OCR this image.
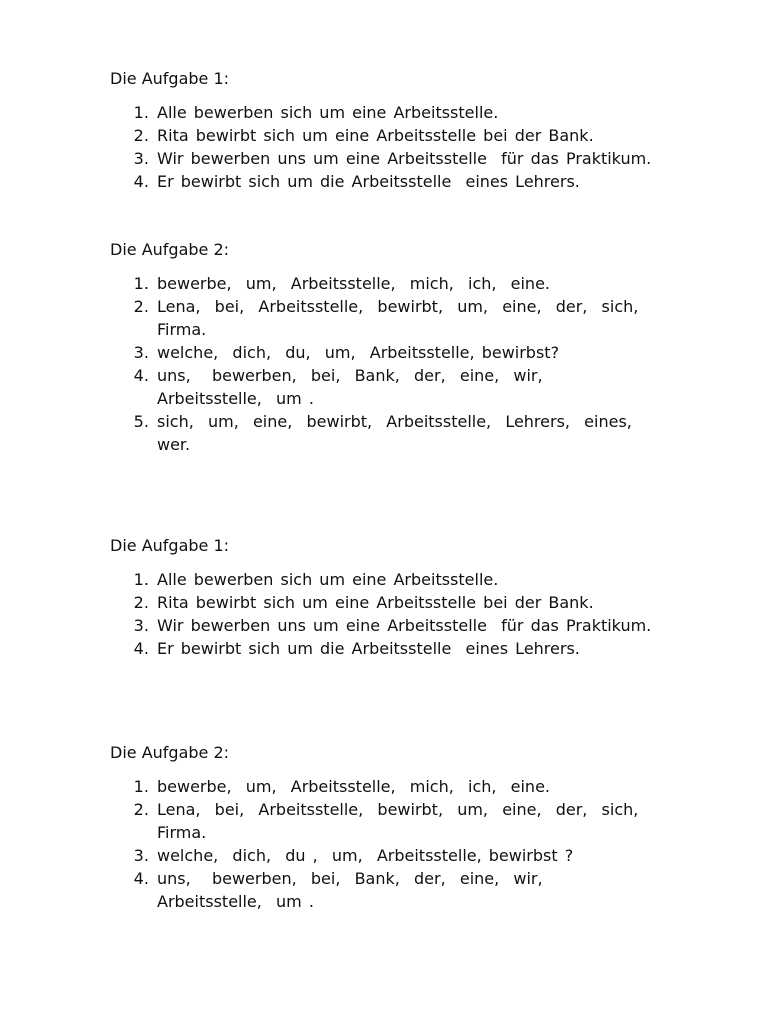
Die Aufgabe 1:

1. Alle bewerben sich um eine Arbeitsstelle.
2. Rita bewirbt sich um eine Arbeitsstelle bei der Bank.
3. Wir bewerben uns um eine Arbeitsstelle  für das Praktikum.
4. Er bewirbt sich um die Arbeitsstelle  eines Lehrers.

Die Aufgabe 2:

1. bewerbe,  um,  Arbeitsstelle,  mich,  ich,  eine.
2. Lena,  bei,  Arbeitsstelle,  bewirbt,  um,  eine,  der,  sich,  Firma.
3. welche,  dich,  du,  um,  Arbeitsstelle, bewirbst?
4. uns,   bewerben,  bei,  Bank,  der,  eine,  wir,  Arbeitsstelle,  um .
5. sich,  um,  eine,  bewirbt,  Arbeitsstelle,  Lehrers,  eines,  wer.

Die Aufgabe 1:

1. Alle bewerben sich um eine Arbeitsstelle.
2. Rita bewirbt sich um eine Arbeitsstelle bei der Bank.
3. Wir bewerben uns um eine Arbeitsstelle  für das Praktikum.
4. Er bewirbt sich um die Arbeitsstelle  eines Lehrers.

Die Aufgabe 2:

1. bewerbe,  um,  Arbeitsstelle,  mich,  ich,  eine.
2. Lena,  bei,  Arbeitsstelle,  bewirbt,  um,  eine,  der,  sich,  Firma.
3. welche,  dich,  du ,  um,  Arbeitsstelle, bewirbst ?
4. uns,   bewerben,  bei,  Bank,  der,  eine,  wir,  Arbeitsstelle,  um .
